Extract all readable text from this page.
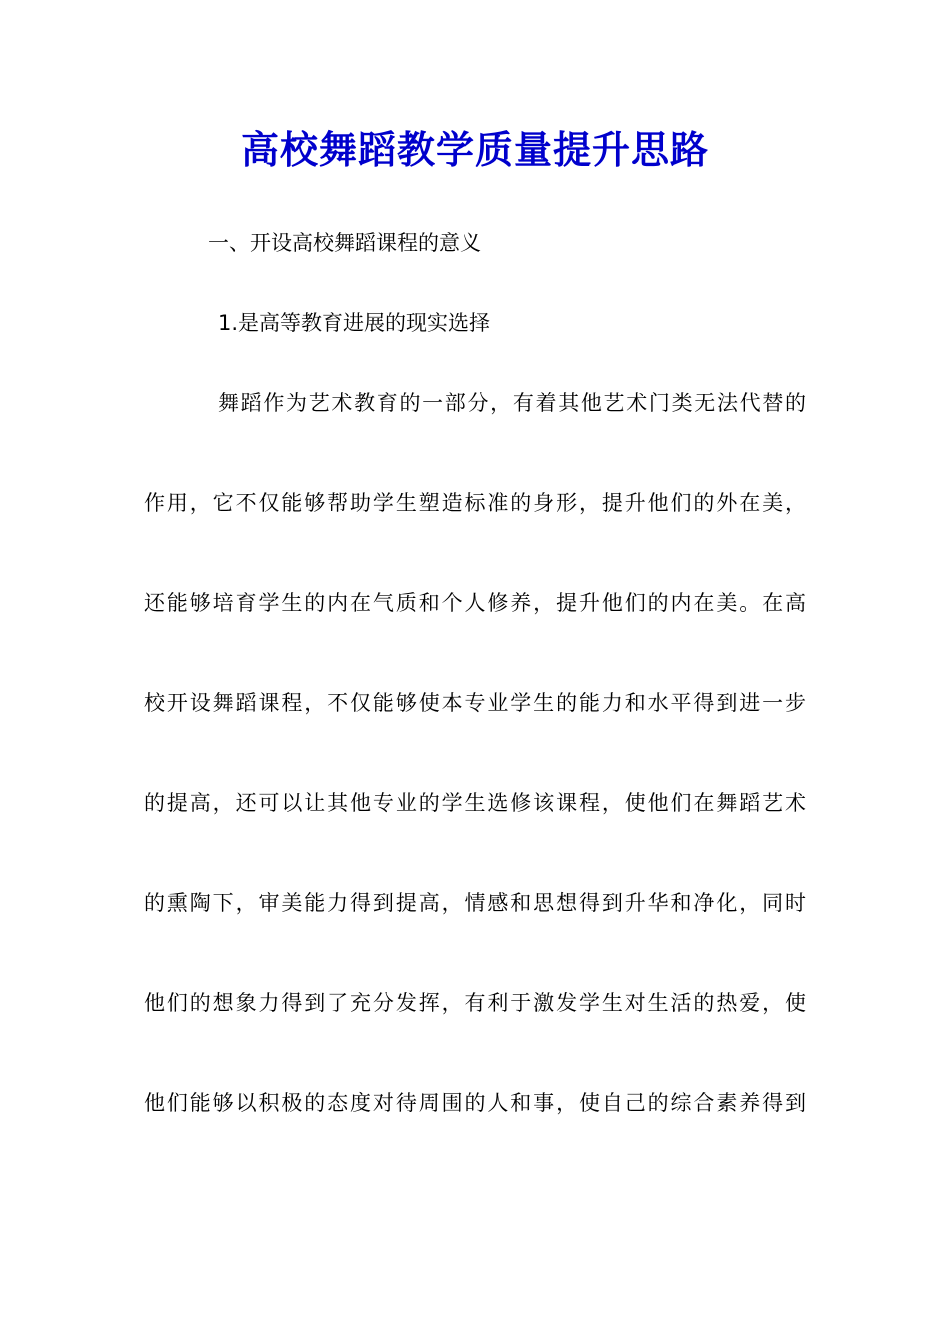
高校舞蹈教学质量提升思路

一、开设高校舞蹈课程的意义

1.是高等教育进展的现实选择

舞蹈作为艺术教育的一部分，有着其他艺术门类无法代替的

作用，它不仅能够帮助学生塑造标准的身形，提升他们的外在美，

还能够培育学生的内在气质和个人修养，提升他们的内在美。在高

校开设舞蹈课程，不仅能够使本专业学生的能力和水平得到进一步

的提高，还可以让其他专业的学生选修该课程，使他们在舞蹈艺术

的熏陶下，审美能力得到提高，情感和思想得到升华和净化，同时

他们的想象力得到了充分发挥，有利于激发学生对生活的热爱，使

他们能够以积极的态度对待周围的人和事，使自己的综合素养得到
